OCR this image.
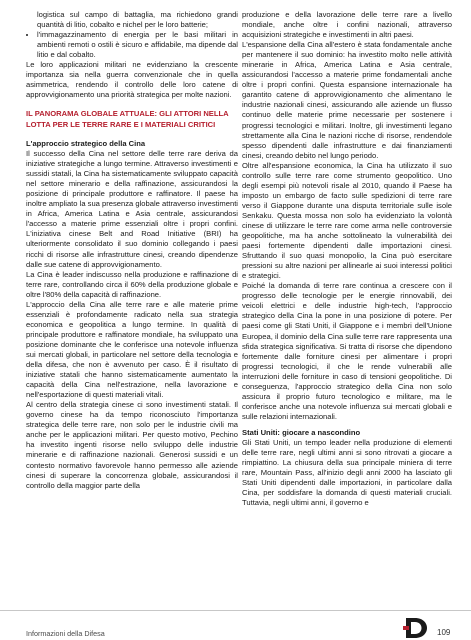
logistica sul campo di battaglia, ma richiedono grandi quantità di litio, cobalto e nichel per le loro batterie;
• l'immagazzinamento di energia per le basi militari in ambienti remoti o ostili è sicuro e affidabile, ma dipende dal litio e dal cobalto.

Le loro applicazioni militari ne evidenziano la crescente importanza sia nella guerra convenzionale che in quella asimmetrica, rendendo il controllo delle loro catene di approvvigionamento una priorità strategica per molte nazioni.

IL PANORAMA GLOBALE ATTUALE: GLI ATTORI NELLA LOTTA PER LE TERRE RARE E I MATERIALI CRITICI

L'approccio strategico della Cina

Il successo della Cina nel settore delle terre rare deriva da iniziative strategiche a lungo termine. Attraverso investimenti e sussidi statali, la Cina ha sistematicamente sviluppato capacità nel settore minerario e della raffinazione, assicurandosi la posizione di principale produttore e raffinatore. Il paese ha inoltre ampliato la sua presenza globale attraverso investimenti in Africa, America Latina e Asia centrale, assicurandosi l'accesso a materie prime essenziali oltre i propri confini. L'iniziativa cinese Belt and Road Initiative (BRI) ha ulteriormente consolidato il suo dominio collegando i paesi ricchi di risorse alle infrastrutture cinesi, creando dipendenze dalle sue catene di approvvigionamento.

La Cina è leader indiscusso nella produzione e raffinazione di terre rare, controllando circa il 60% della produzione globale e oltre l'80% della capacità di raffinazione.

L'approccio della Cina alle terre rare e alle materie prime essenziali è profondamente radicato nella sua strategia economica e geopolitica a lungo termine. In qualità di principale produttore e raffinatore mondiale, ha sviluppato una posizione dominante che le conferisce una notevole influenza sui mercati globali, in particolare nel settore della tecnologia e della difesa, che non è avvenuto per caso. È il risultato di iniziative statali che hanno sistematicamente aumentato la capacità della Cina nell'estrazione, nella lavorazione e nell'esportazione di questi materiali vitali.

Al centro della strategia cinese ci sono investimenti statali. Il governo cinese ha da tempo riconosciuto l'importanza strategica delle terre rare, non solo per le industrie civili ma anche per le applicazioni militari. Per questo motivo, Pechino ha investito ingenti risorse nello sviluppo delle industrie minerarie e di raffinazione nazionali. Generosi sussidi e un contesto normativo favorevole hanno permesso alle aziende cinesi di superare la concorrenza globale, assicurandosi il controllo della maggior parte della

produzione e della lavorazione delle terre rare a livello mondiale, anche oltre i confini nazionali, attraverso acquisizioni strategiche e investimenti in altri paesi.

L'espansione della Cina all'estero è stata fondamentale anche per mantenere il suo dominio: ha investito molto nelle attività minerarie in Africa, America Latina e Asia centrale, assicurandosi l'accesso a materie prime fondamentali anche oltre i propri confini. Questa espansione internazionale ha garantito catene di approvvigionamento che alimentano le industrie nazionali cinesi, assicurando alle aziende un flusso continuo delle materie prime necessarie per sostenere i progressi tecnologici e militari. Inoltre, gli investimenti legano strettamente alla Cina le nazioni ricche di risorse, rendendole spesso dipendenti dalle infrastrutture e dai finanziamenti cinesi, creando debito nel lungo periodo.

Oltre all'espansione economica, la Cina ha utilizzato il suo controllo sulle terre rare come strumento geopolitico. Uno degli esempi più notevoli risale al 2010, quando il Paese ha imposto un embargo de facto sulle spedizioni di terre rare verso il Giappone durante una disputa territoriale sulle isole Senkaku. Questa mossa non solo ha evidenziato la volontà cinese di utilizzare le terre rare come arma nelle controversie geopolitiche, ma ha anche sottolineato la vulnerabilità dei paesi fortemente dipendenti dalle importazioni cinesi. Sfruttando il suo quasi monopolio, la Cina può esercitare pressioni su altre nazioni per allinearle ai suoi interessi politici e strategici.

Poiché la domanda di terre rare continua a crescere con il progresso delle tecnologie per le energie rinnovabili, dei veicoli elettrici e delle industrie high-tech, l'approccio strategico della Cina la pone in una posizione di potere. Per paesi come gli Stati Uniti, il Giappone e i membri dell'Unione Europea, il dominio della Cina sulle terre rare rappresenta una sfida strategica significativa. Si tratta di risorse che dipendono fortemente dalle forniture cinesi per alimentare i propri progressi tecnologici, il che le rende vulnerabili alle interruzioni delle forniture in caso di tensioni geopolitiche. Di conseguenza, l'approccio strategico della Cina non solo assicura il proprio futuro tecnologico e militare, ma le conferisce anche una notevole influenza sui mercati globali e sulle relazioni internazionali.

Stati Uniti: giocare a nascondino

Gli Stati Uniti, un tempo leader nella produzione di elementi delle terre rare, negli ultimi anni si sono ritrovati a giocare a rimpiattino. La chiusura della sua principale miniera di terre rare, Mountain Pass, all'inizio degli anni 2000 ha lasciato gli Stati Uniti dipendenti dalle importazioni, in particolare dalla Cina, per soddisfare la domanda di questi materiali cruciali. Tuttavia, negli ultimi anni, il governo e

Informazioni della Difesa	109
